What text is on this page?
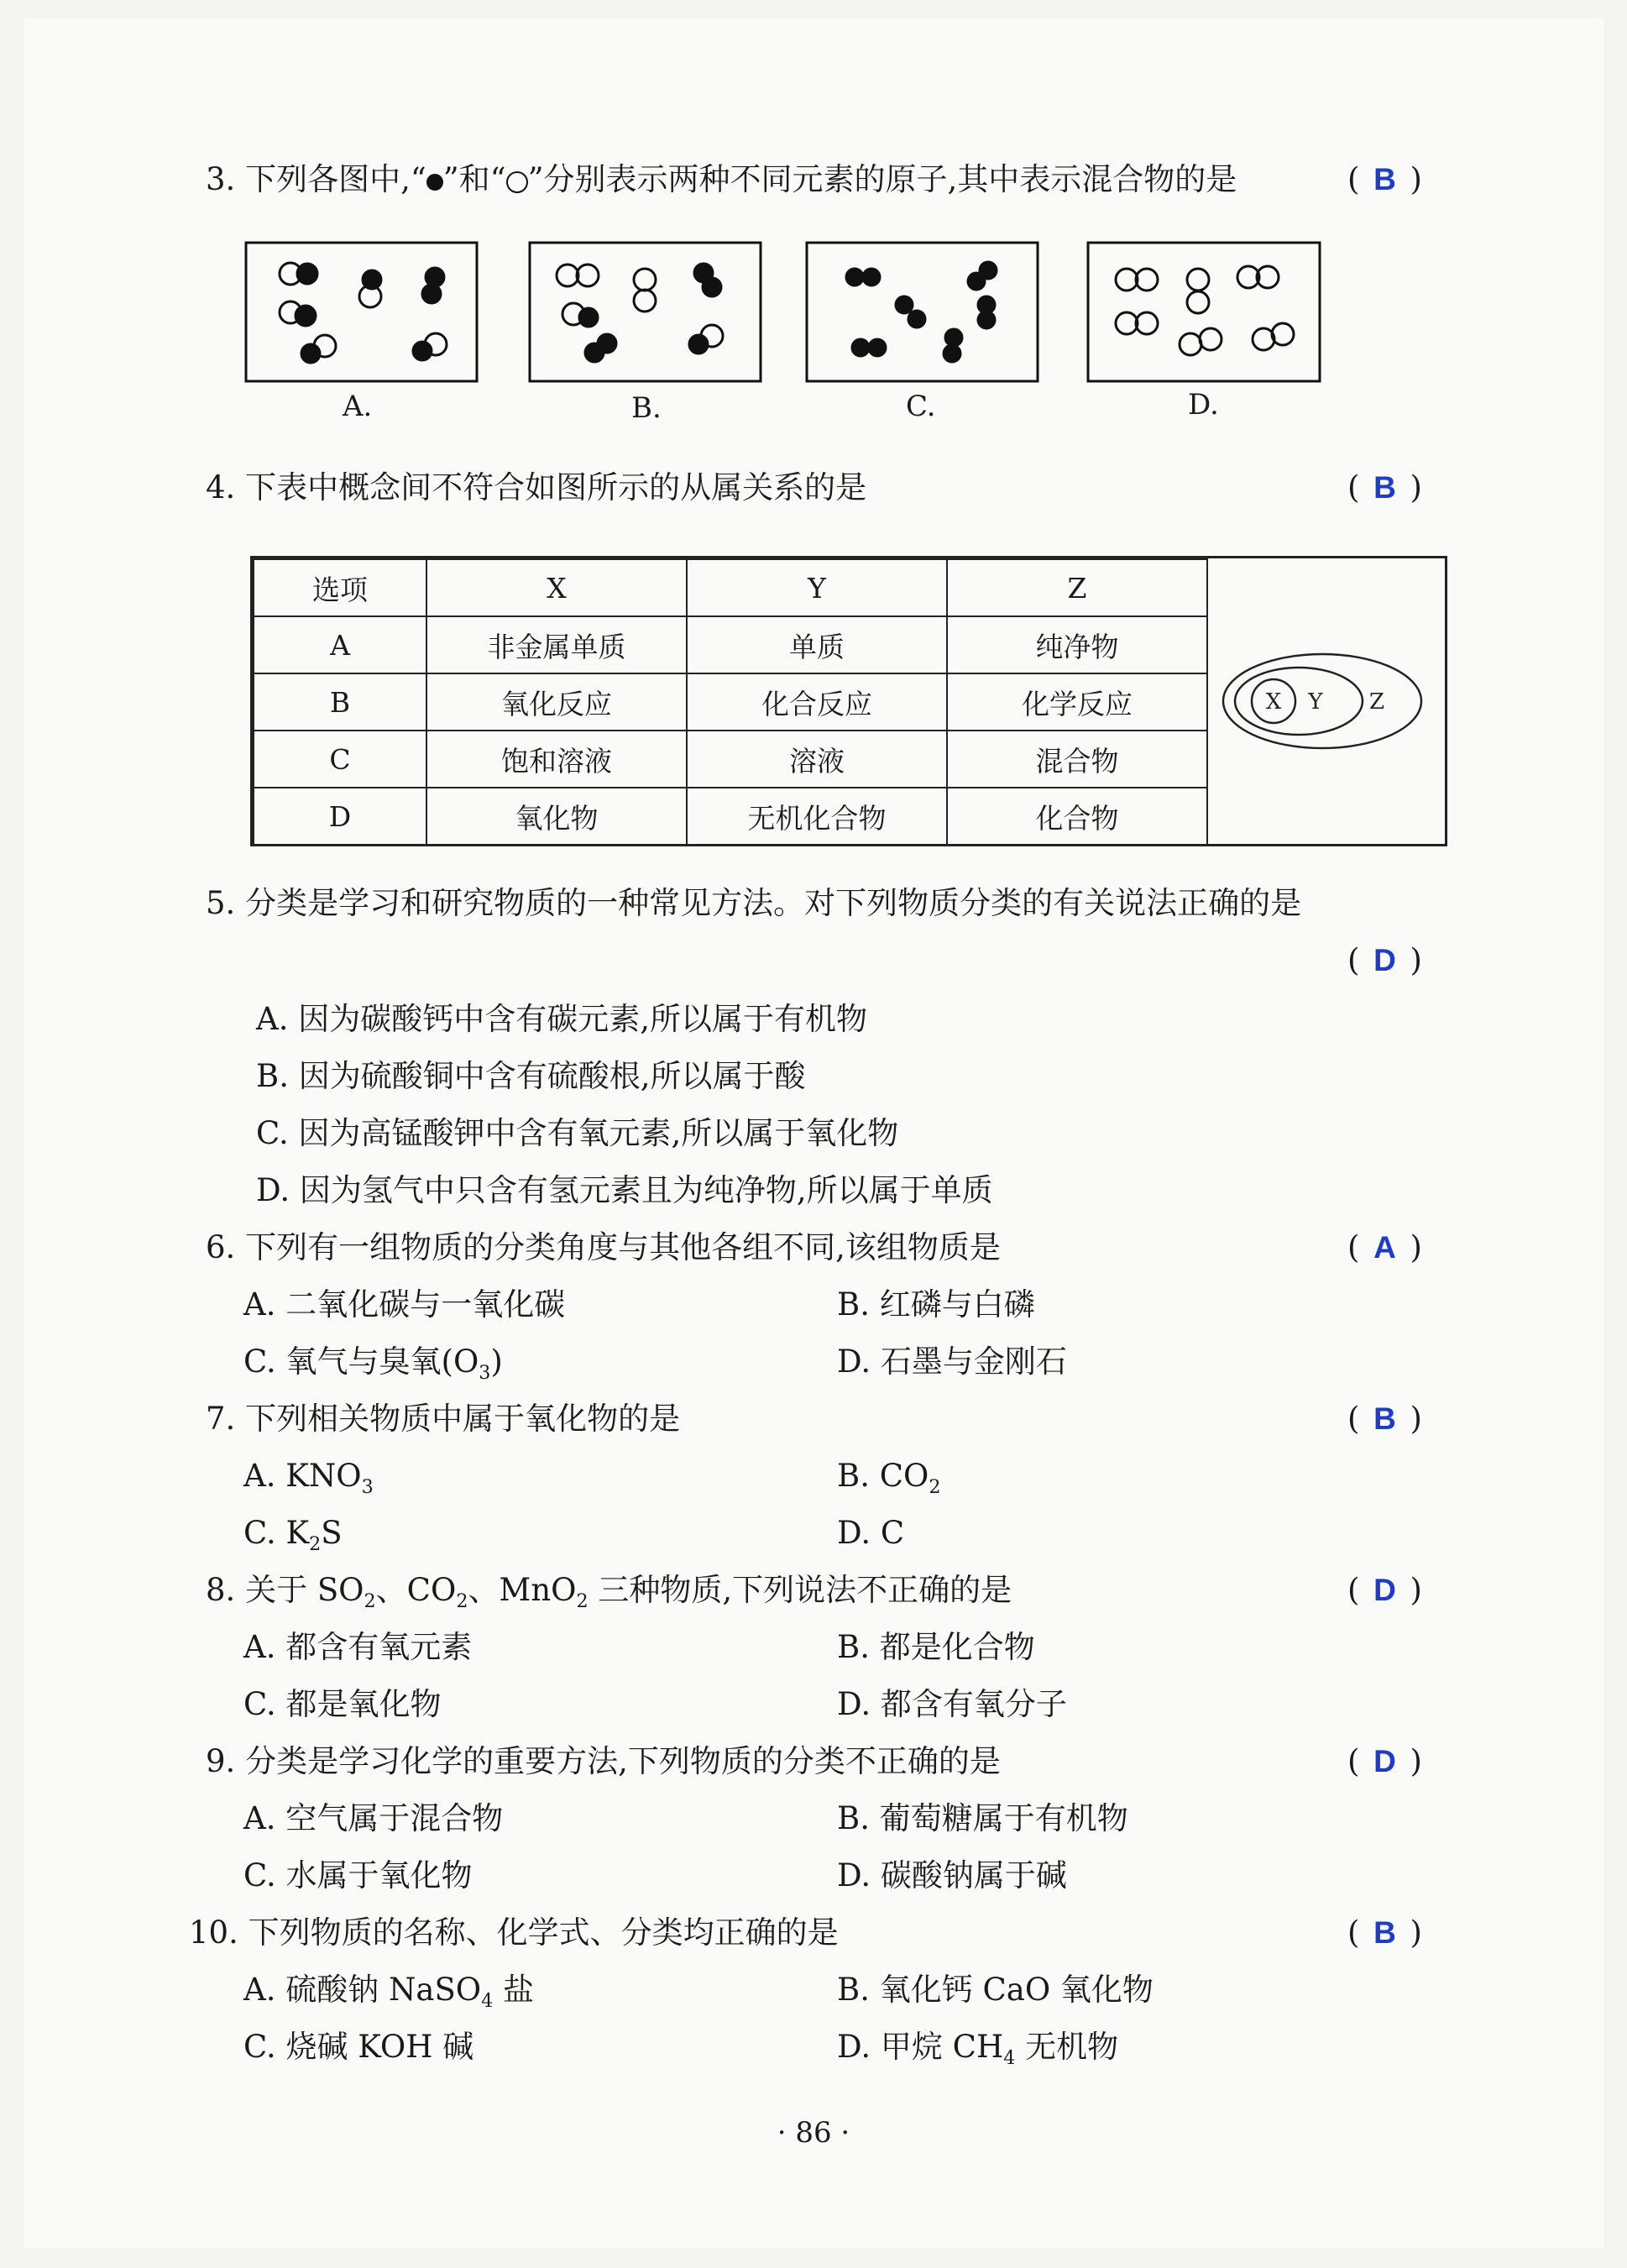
3. 下列各图中,“ ”和“ ”分别表示两种不同元素的原子,其中表示混合物的是	( B )
A.	B.	C.	D.
4. 下表中概念间不符合如图所示的从属关系的是	( B )
选项	X	Y	Z
A	非金属单质	单质	纯净物
B	氧化反应	化合反应	化学反应
C	饱和溶液	溶液	混合物
D	氧化物	无机化合物	化合物
X Y Z
5. 分类是学习和研究物质的一种常见方法。对下列物质分类的有关说法正确的是
( D )
A. 因为碳酸钙中含有碳元素,所以属于有机物
B. 因为硫酸铜中含有硫酸根,所以属于酸
C. 因为高锰酸钾中含有氧元素,所以属于氧化物
D. 因为氢气中只含有氢元素且为纯净物,所以属于单质
6. 下列有一组物质的分类角度与其他各组不同,该组物质是	( A )
A. 二氧化碳与一氧化碳	B. 红磷与白磷
C. 氧气与臭氧$(O_3)$	D. 石墨与金刚石
7. 下列相关物质中属于氧化物的是	( B )
A. $KNO_3$	B. $CO_2$
C. $K_2S$	D. C
8. 关于 $SO_2$、$CO_2$、MnO$_2$ 三种物质,下列说法不正确的是	( D )
A. 都含有氧元素	B. 都是化合物
C. 都是氧化物	D. 都含有氧分子
9. 分类是学习化学的重要方法,下列物质的分类不正确的是	( D )
A. 空气属于混合物	B. 葡萄糖属于有机物
C. 水属于氧化物	D. 碳酸钠属于碱
10. 下列物质的名称、化学式、分类均正确的是	( B )
A. 硫酸钠 NaSO$_4$ 盐	B. 氧化钙 CaO 氧化物
C. 烧碱 KOH 碱	D. 甲烷 $CH_4$ 无机物
· 86 ·
